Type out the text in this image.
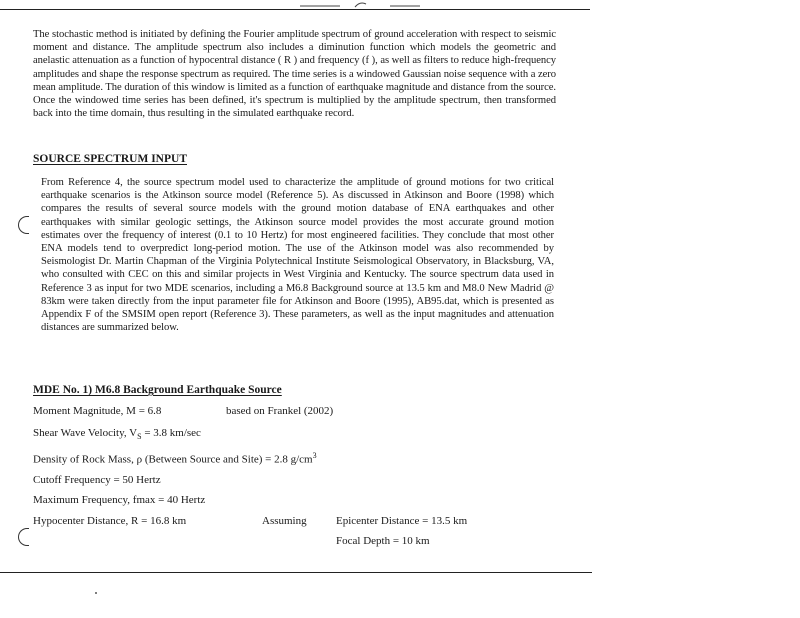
The stochastic method is initiated by defining the Fourier amplitude spectrum of ground acceleration with respect to seismic moment and distance. The amplitude spectrum also includes a diminution function which models the geometric and anelastic attenuation as a function of hypocentral distance ( R ) and frequency (f ), as well as filters to reduce high-frequency amplitudes and shape the response spectrum as required. The time series is a windowed Gaussian noise sequence with a zero mean amplitude. The duration of this window is limited as a function of earthquake magnitude and distance from the source. Once the windowed time series has been defined, it's spectrum is multiplied by the amplitude spectrum, then transformed back into the time domain, thus resulting in the simulated earthquake record.
SOURCE SPECTRUM INPUT
From Reference 4, the source spectrum model used to characterize the amplitude of ground motions for two critical earthquake scenarios is the Atkinson source model (Reference 5). As discussed in Atkinson and Boore (1998) which compares the results of several source models with the ground motion database of ENA earthquakes and other earthquakes with similar geologic settings, the Atkinson source model provides the most accurate ground motion estimates over the frequency of interest (0.1 to 10 Hertz) for most engineered facilities. They conclude that most other ENA models tend to overpredict long-period motion. The use of the Atkinson model was also recommended by Seismologist Dr. Martin Chapman of the Virginia Polytechnical Institute Seismological Observatory, in Blacksburg, VA, who consulted with CEC on this and similar projects in West Virginia and Kentucky. The source spectrum data used in Reference 3 as input for two MDE scenarios, including a M6.8 Background source at 13.5 km and M8.0 New Madrid @ 83km were taken directly from the input parameter file for Atkinson and Boore (1995), AB95.dat, which is presented as Appendix F of the SMSIM open report (Reference 3). These parameters, as well as the input magnitudes and attenuation distances are summarized below.
MDE No. 1) M6.8 Background Earthquake Source
Moment Magnitude, M = 6.8	based on Frankel (2002)
Shear Wave Velocity, $V_S = 3.8$ km/sec
Density of Rock Mass, ρ (Between Source and Site) = 2.8 $g/cm^3$
Cutoff Frequency = 50 Hertz
Maximum Frequency, fmax = 40 Hertz
Hypocenter Distance, R = 16.8 km	Assuming	Epicenter Distance = 13.5 km
Focal Depth = 10 km
